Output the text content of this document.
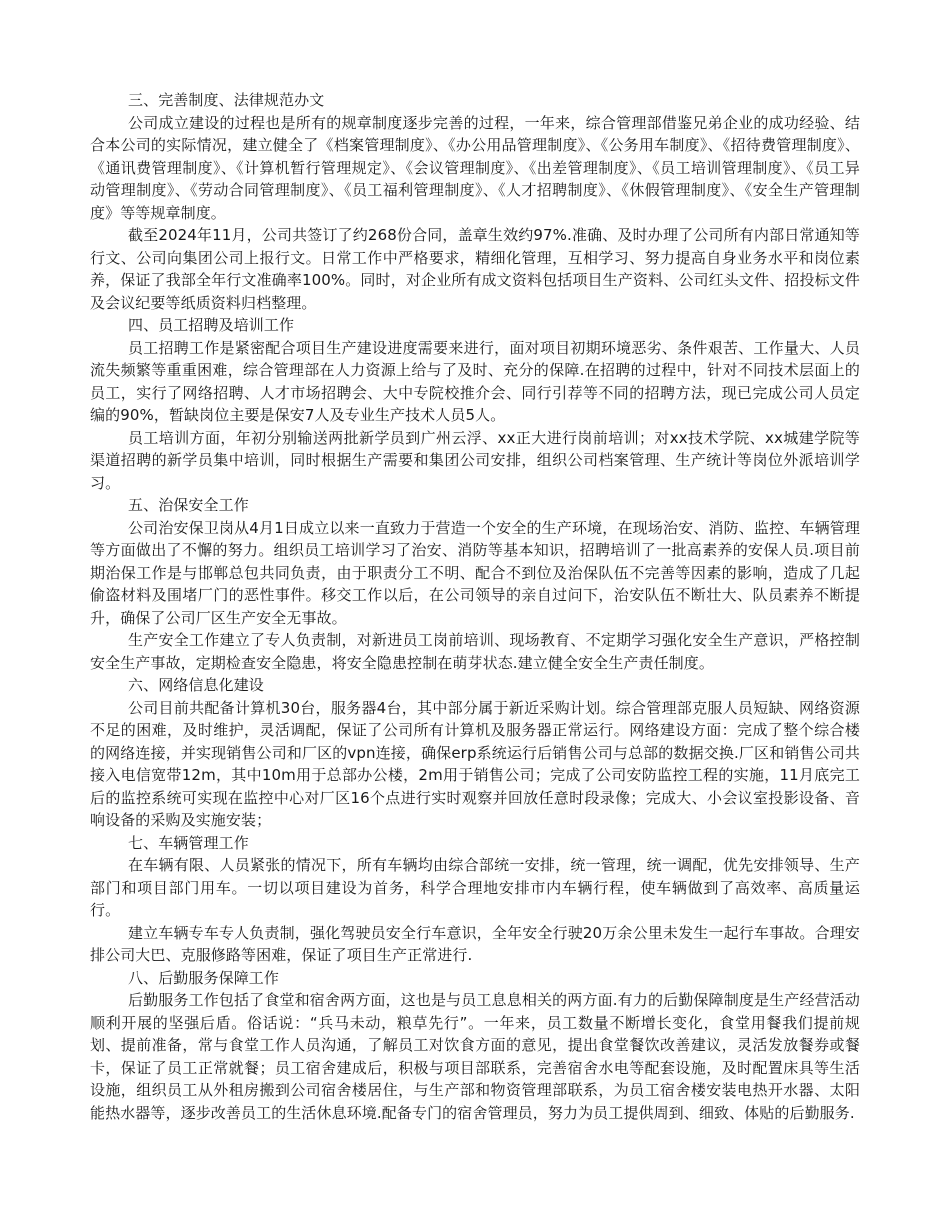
三、完善制度、法律规范办文

公司成立建设的过程也是所有的规章制度逐步完善的过程，一年来，综合管理部借鉴兄弟企业的成功经验、结合本公司的实际情况，建立健全了《档案管理制度》、《办公用品管理制度》、《公务用车制度》、《招待费管理制度》、《通讯费管理制度》、《计算机暂行管理规定》、《会议管理制度》、《出差管理制度》、《员工培训管理制度》、《员工异动管理制度》、《劳动合同管理制度》、《员工福利管理制度》、《人才招聘制度》、《休假管理制度》、《安全生产管理制度》等等规章制度。

截至2024年11月，公司共签订了约268份合同，盖章生效约97%.准确、及时办理了公司所有内部日常通知等行文、公司向集团公司上报行文。日常工作中严格要求，精细化管理，互相学习、努力提高自身业务水平和岗位素养，保证了我部全年行文准确率100%。同时，对企业所有成文资料包括项目生产资料、公司红头文件、招投标文件及会议纪要等纸质资料归档整理。

四、员工招聘及培训工作

员工招聘工作是紧密配合项目生产建设进度需要来进行，面对项目初期环境恶劣、条件艰苦、工作量大、人员流失频繁等重重困难，综合管理部在人力资源上给与了及时、充分的保障.在招聘的过程中，针对不同技术层面上的员工，实行了网络招聘、人才市场招聘会、大中专院校推介会、同行引荐等不同的招聘方法，现已完成公司人员定编的90%，暂缺岗位主要是保安7人及专业生产技术人员5人。

员工培训方面，年初分别输送两批新学员到广州云浮、xx正大进行岗前培训；对xx技术学院、xx城建学院等渠道招聘的新学员集中培训，同时根据生产需要和集团公司安排，组织公司档案管理、生产统计等岗位外派培训学习。

五、治保安全工作

公司治安保卫岗从4月1日成立以来一直致力于营造一个安全的生产环境，在现场治安、消防、监控、车辆管理等方面做出了不懈的努力。组织员工培训学习了治安、消防等基本知识，招聘培训了一批高素养的安保人员.项目前期治保工作是与邯郸总包共同负责，由于职责分工不明、配合不到位及治保队伍不完善等因素的影响，造成了几起偷盗材料及围堵厂门的恶性事件。移交工作以后，在公司领导的亲自过问下，治安队伍不断壮大、队员素养不断提升，确保了公司厂区生产安全无事故。

生产安全工作建立了专人负责制，对新进员工岗前培训、现场教育、不定期学习强化安全生产意识，严格控制安全生产事故，定期检查安全隐患，将安全隐患控制在萌芽状态.建立健全安全生产责任制度。

六、网络信息化建设

公司目前共配备计算机30台，服务器4台，其中部分属于新近采购计划。综合管理部克服人员短缺、网络资源不足的困难，及时维护，灵活调配，保证了公司所有计算机及服务器正常运行。网络建设方面：完成了整个综合楼的网络连接，并实现销售公司和厂区的vpn连接，确保erp系统运行后销售公司与总部的数据交换.厂区和销售公司共接入电信宽带12m，其中10m用于总部办公楼，2m用于销售公司；完成了公司安防监控工程的实施，11月底完工后的监控系统可实现在监控中心对厂区16个点进行实时观察并回放任意时段录像；完成大、小会议室投影设备、音响设备的采购及实施安装；

七、车辆管理工作

在车辆有限、人员紧张的情况下，所有车辆均由综合部统一安排，统一管理，统一调配，优先安排领导、生产部门和项目部门用车。一切以项目建设为首务，科学合理地安排市内车辆行程，使车辆做到了高效率、高质量运行。

建立车辆专车专人负责制，强化驾驶员安全行车意识，全年安全行驶20万余公里未发生一起行车事故。合理安排公司大巴、克服修路等困难，保证了项目生产正常进行.

八、后勤服务保障工作

后勤服务工作包括了食堂和宿舍两方面，这也是与员工息息相关的两方面.有力的后勤保障制度是生产经营活动顺利开展的坚强后盾。俗话说：“兵马未动，粮草先行”。一年来，员工数量不断增长变化，食堂用餐我们提前规划、提前准备，常与食堂工作人员沟通，了解员工对饮食方面的意见，提出食堂餐饮改善建议，灵活发放餐券或餐卡，保证了员工正常就餐；员工宿舍建成后，积极与项目部联系，完善宿舍水电等配套设施，及时配置床具等生活设施，组织员工从外租房搬到公司宿舍楼居住，与生产部和物资管理部联系，为员工宿舍楼安装电热开水器、太阳能热水器等，逐步改善员工的生活休息环境.配备专门的宿舍管理员，努力为员工提供周到、细致、体贴的后勤服务.
